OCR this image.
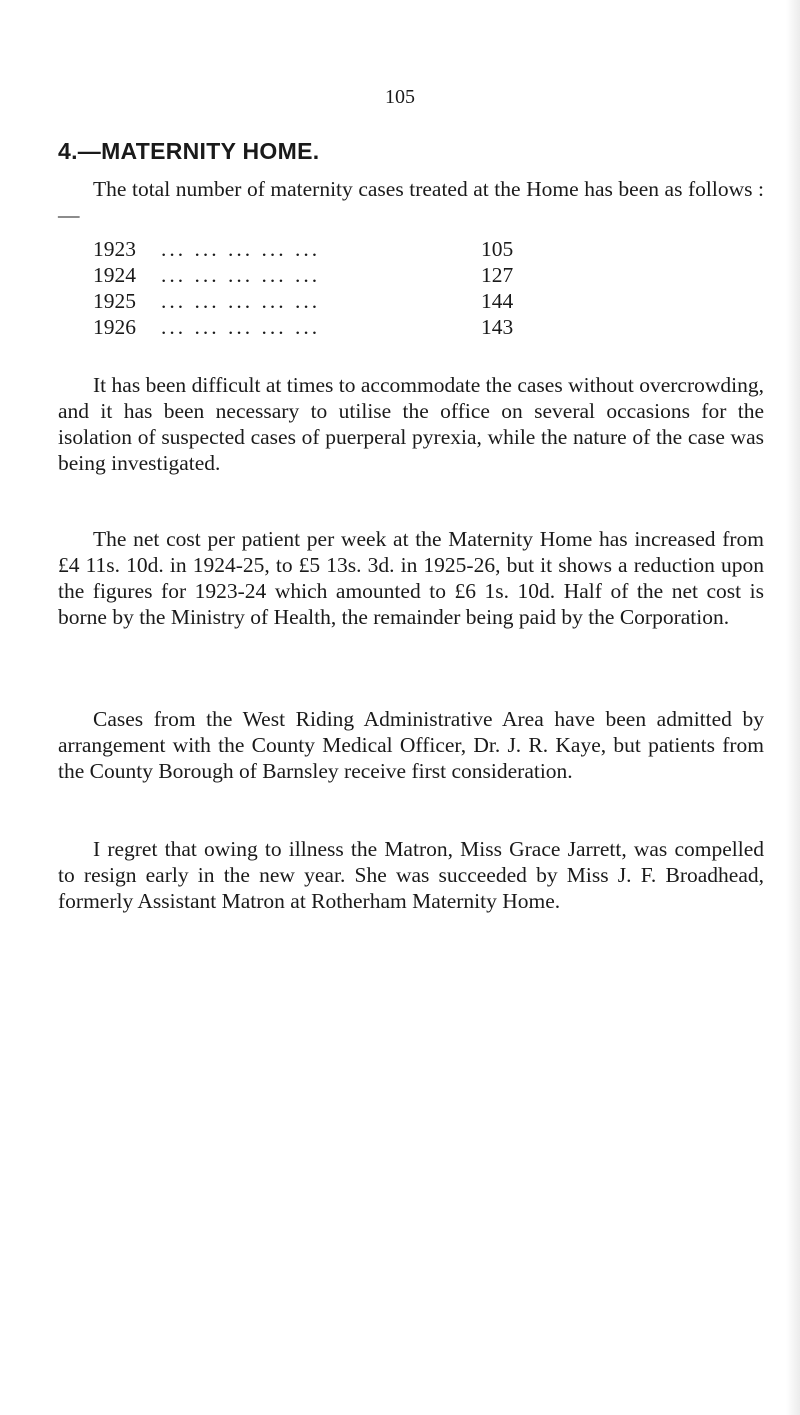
105
4.—MATERNITY HOME.

The total number of maternity cases treated at the Home has been as follows :—

1923	... ... ... ... ...	105
1924	... ... ... ... ...	127
1925	... ... ... ... ...	144
1926	... ... ... ... ...	143

It has been difficult at times to accommodate the cases without overcrowding, and it has been necessary to utilise the office on several occasions for the isolation of suspected cases of puerperal pyrexia, while the nature of the case was being investigated.

The net cost per patient per week at the Maternity Home has increased from £4 11s. 10d. in 1924-25, to £5 13s. 3d. in 1925-26, but it shows a reduction upon the figures for 1923-24 which amounted to £6 1s. 10d. Half of the net cost is borne by the Ministry of Health, the remainder being paid by the Corporation.

Cases from the West Riding Administrative Area have been admitted by arrangement with the County Medical Officer, Dr. J. R. Kaye, but patients from the County Borough of Barnsley receive first consideration.

I regret that owing to illness the Matron, Miss Grace Jarrett, was compelled to resign early in the new year. She was succeeded by Miss J. F. Broadhead, formerly Assistant Matron at Rotherham Maternity Home.
